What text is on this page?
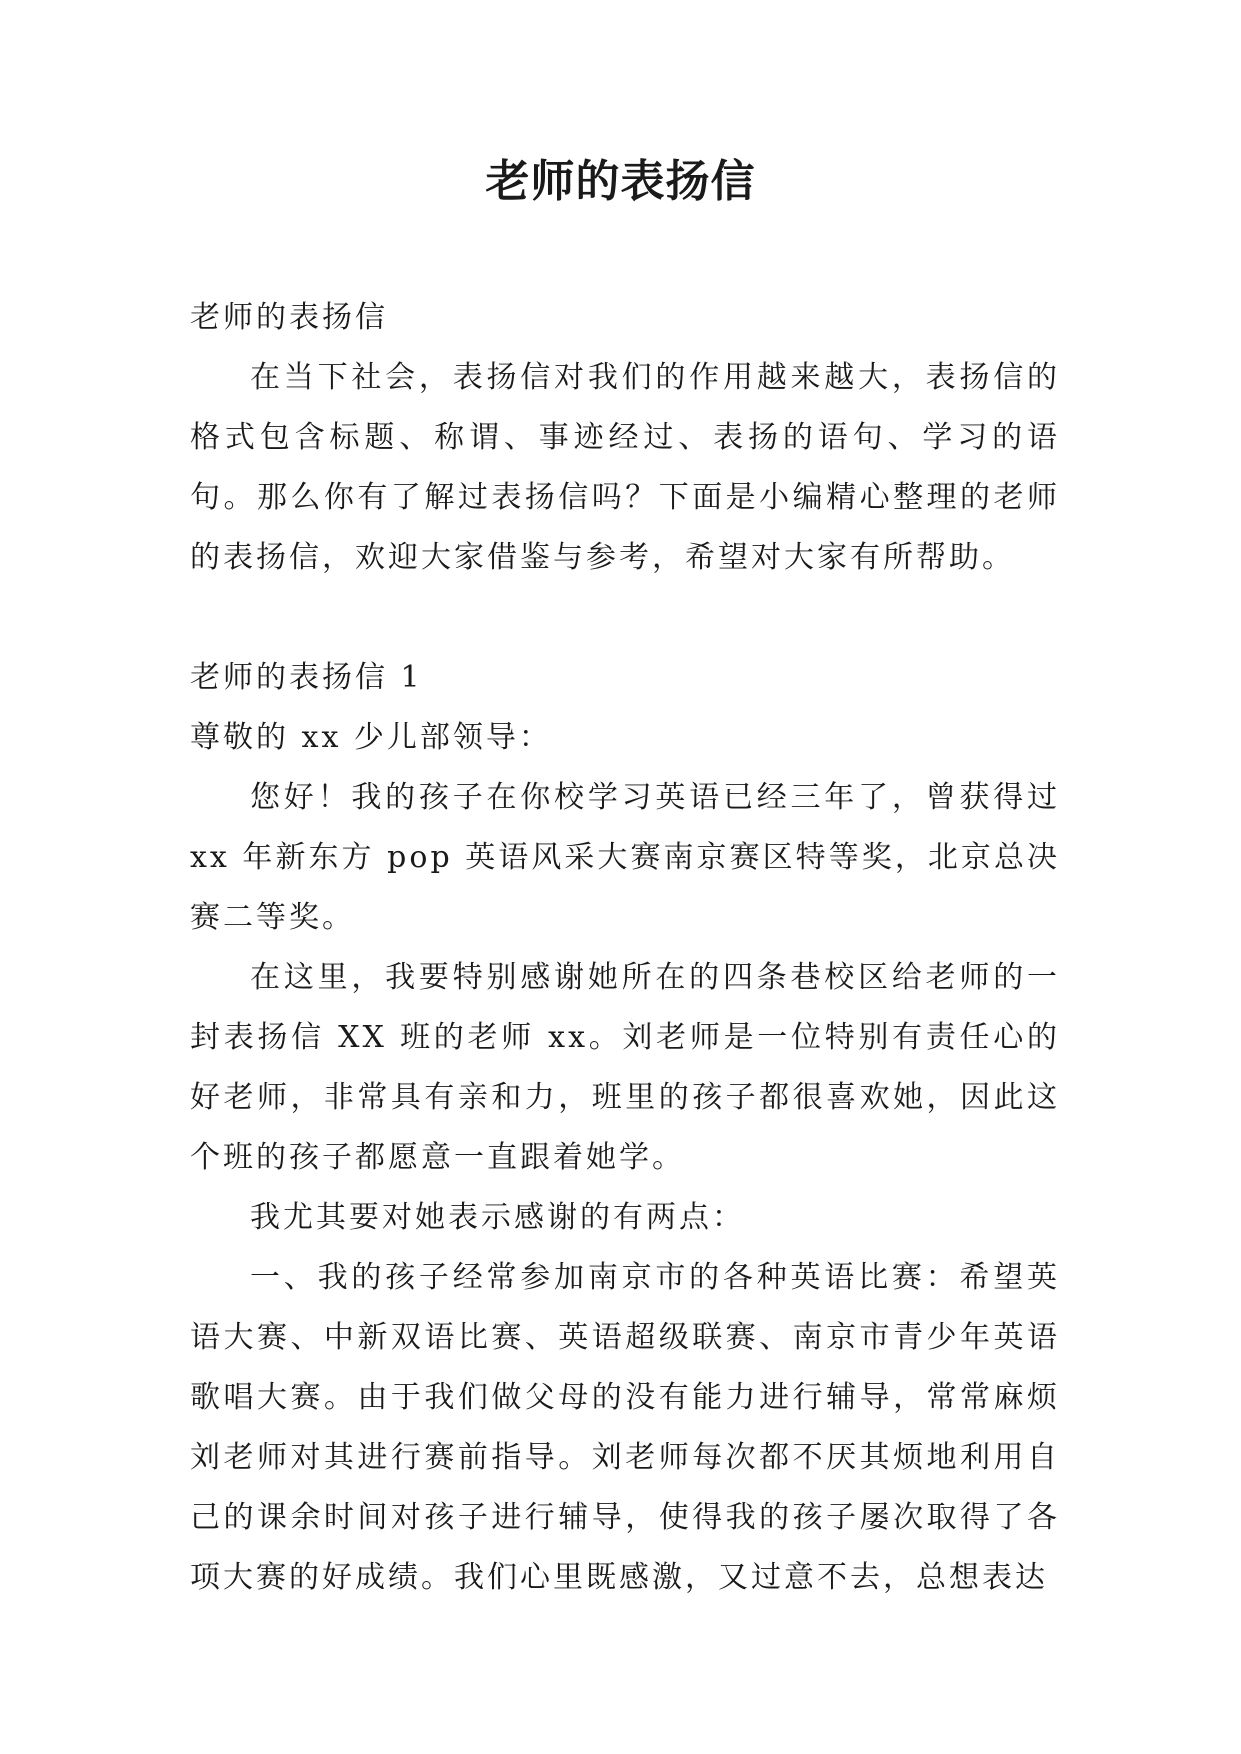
老师的表扬信

老师的表扬信

在当下社会，表扬信对我们的作用越来越大，表扬信的格式包含标题、称谓、事迹经过、表扬的语句、学习的语句。那么你有了解过表扬信吗？下面是小编精心整理的老师的表扬信，欢迎大家借鉴与参考，希望对大家有所帮助。

老师的表扬信 1

尊敬的 xx 少儿部领导：

您好！我的孩子在你校学习英语已经三年了，曾获得过 xx 年新东方 pop 英语风采大赛南京赛区特等奖，北京总决赛二等奖。

在这里，我要特别感谢她所在的四条巷校区给老师的一封表扬信 XX 班的老师 xx。刘老师是一位特别有责任心的好老师，非常具有亲和力，班里的孩子都很喜欢她，因此这个班的孩子都愿意一直跟着她学。

我尤其要对她表示感谢的有两点：

一、我的孩子经常参加南京市的各种英语比赛：希望英语大赛、中新双语比赛、英语超级联赛、南京市青少年英语歌唱大赛。由于我们做父母的没有能力进行辅导，常常麻烦刘老师对其进行赛前指导。刘老师每次都不厌其烦地利用自己的课余时间对孩子进行辅导，使得我的孩子屡次取得了各项大赛的好成绩。我们心里既感激，又过意不去，总想表达
